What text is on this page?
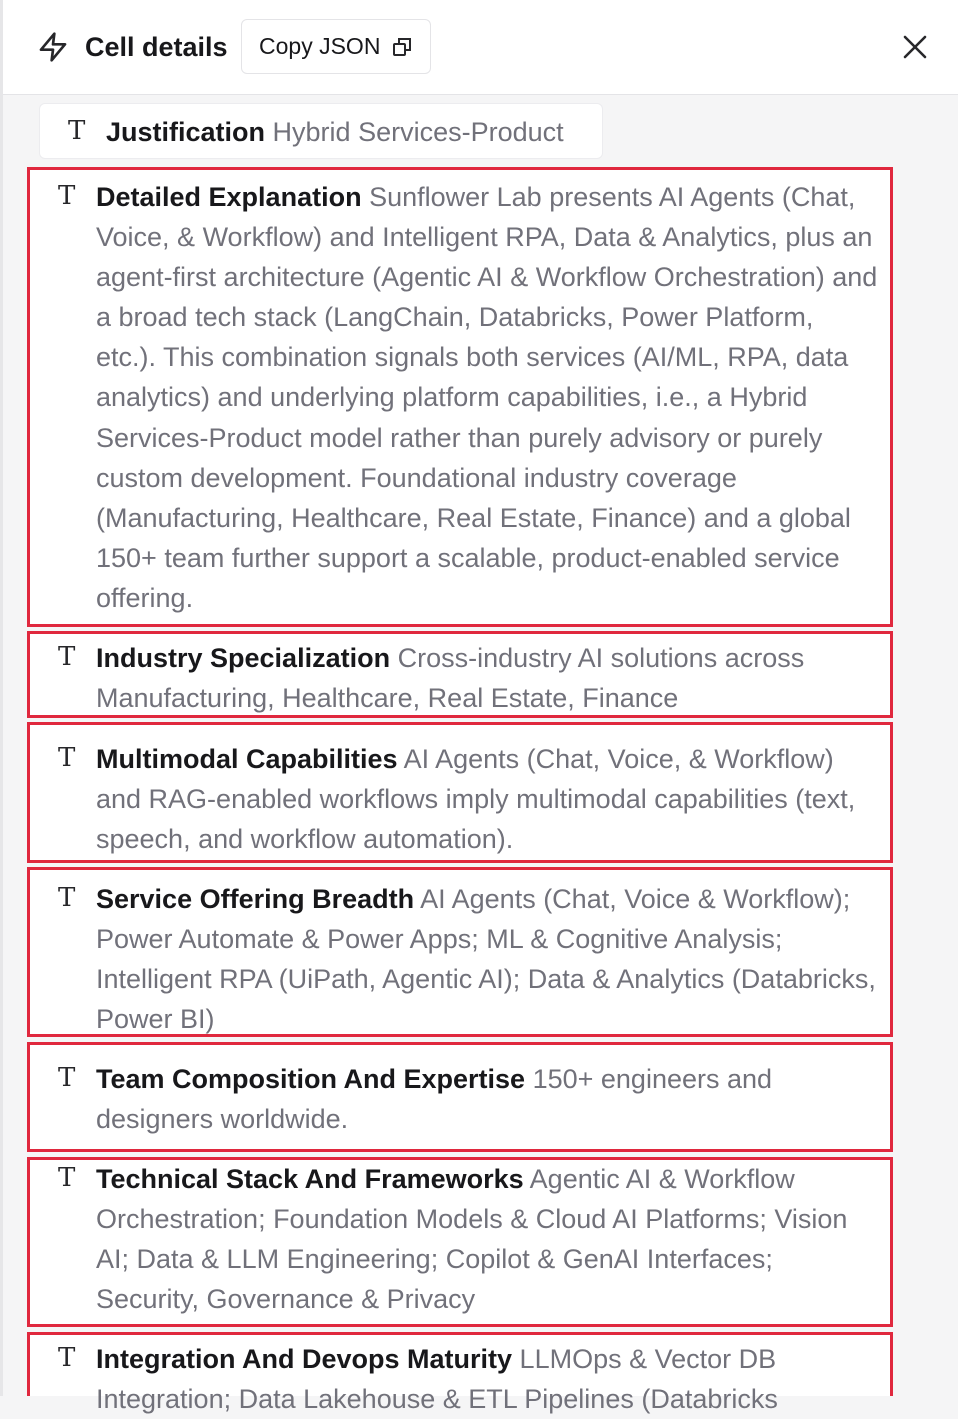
Cell details Copy JSON
T Justification Hybrid Services-Product
T Detailed Explanation Sunflower Lab presents AI Agents (Chat, Voice, & Workflow) and Intelligent RPA, Data & Analytics, plus an agent-first architecture (Agentic AI & Workflow Orchestration) and a broad tech stack (LangChain, Databricks, Power Platform, etc.). This combination signals both services (AI/ML, RPA, data analytics) and underlying platform capabilities, i.e., a Hybrid Services-Product model rather than purely advisory or purely custom development. Foundational industry coverage (Manufacturing, Healthcare, Real Estate, Finance) and a global 150+ team further support a scalable, product-enabled service offering.
T Industry Specialization Cross-industry AI solutions across Manufacturing, Healthcare, Real Estate, Finance
T Multimodal Capabilities AI Agents (Chat, Voice, & Workflow) and RAG-enabled workflows imply multimodal capabilities (text, speech, and workflow automation).
T Service Offering Breadth AI Agents (Chat, Voice & Workflow); Power Automate & Power Apps; ML & Cognitive Analysis; Intelligent RPA (UiPath, Agentic AI); Data & Analytics (Databricks, Power BI)
T Team Composition And Expertise 150+ engineers and designers worldwide.
T Technical Stack And Frameworks Agentic AI & Workflow Orchestration; Foundation Models & Cloud AI Platforms; Vision AI; Data & LLM Engineering; Copilot & GenAI Interfaces; Security, Governance & Privacy
T Integration And Devops Maturity LLMOps & Vector DB Integration; Data Lakehouse & ETL Pipelines (Databricks
